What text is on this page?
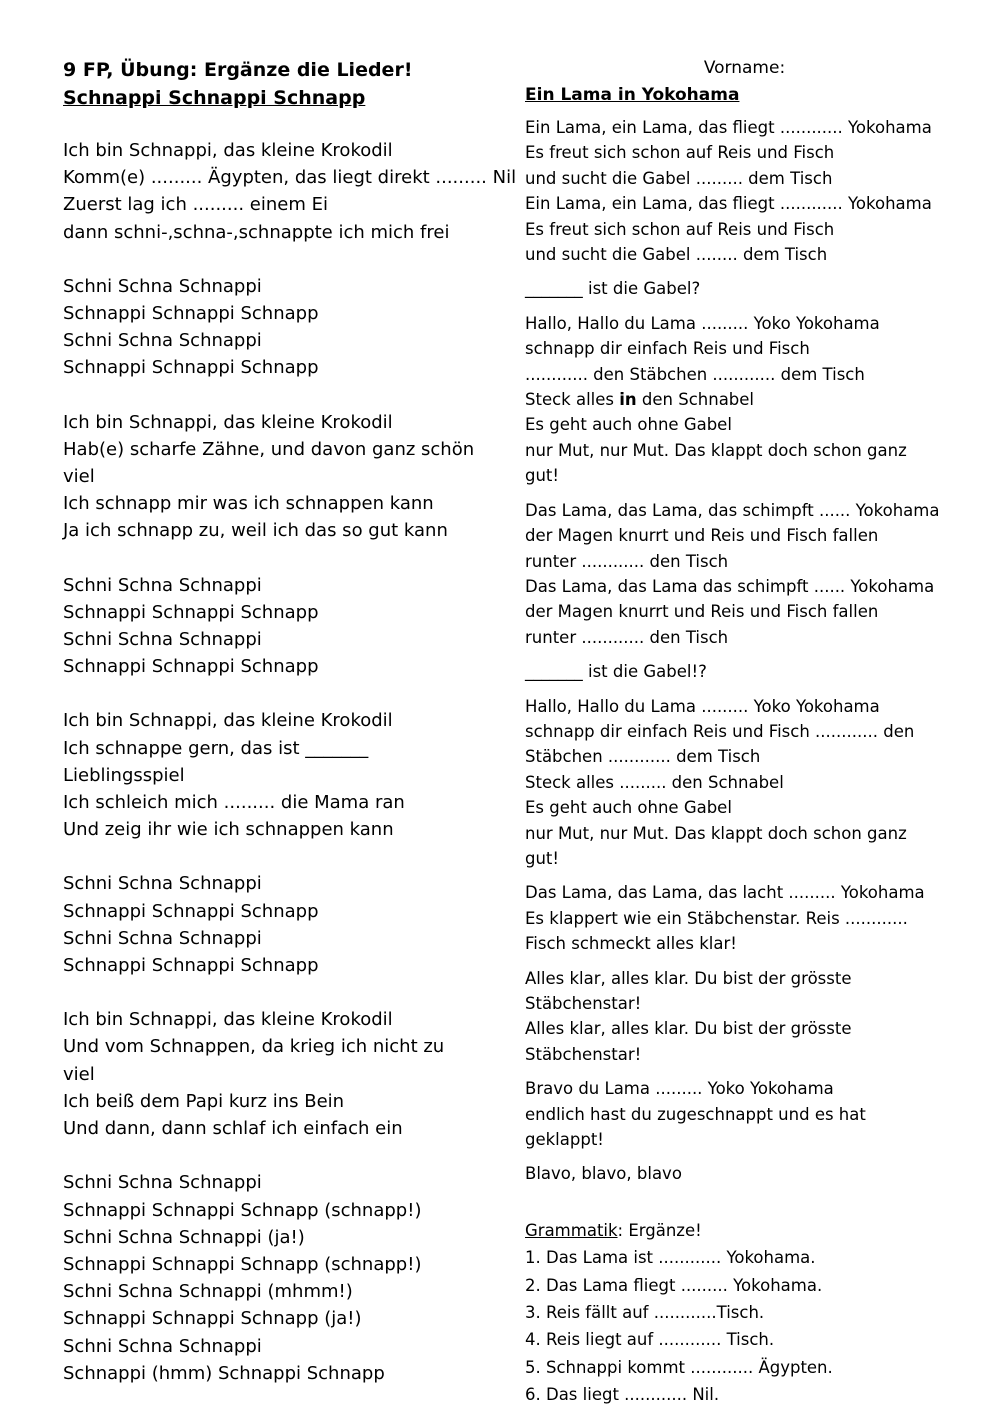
9 FP, Übung: Ergänze die Lieder!
Schnappi Schnappi Schnapp
Ich bin Schnappi, das kleine Krokodil
Komm(e) ......... Ägypten, das liegt direkt ......... Nil
Zuerst lag ich ......... einem Ei
dann schni-,schna-,schnappte ich mich frei
Schni Schna Schnappi
Schnappi Schnappi Schnapp
Schni Schna Schnappi
Schnappi Schnappi Schnapp
Ich bin Schnappi, das kleine Krokodil
Hab(e) scharfe Zähne, und davon ganz schön
viel
Ich schnapp mir was ich schnappen kann
Ja ich schnapp zu, weil ich das so gut kann
Schni Schna Schnappi
Schnappi Schnappi Schnapp
Schni Schna Schnappi
Schnappi Schnappi Schnapp
Ich bin Schnappi, das kleine Krokodil
Ich schnappe gern, das ist _______
Lieblingsspiel
Ich schleich mich ......... die Mama ran
Und zeig ihr wie ich schnappen kann
Schni Schna Schnappi
Schnappi Schnappi Schnapp
Schni Schna Schnappi
Schnappi Schnappi Schnapp
Ich bin Schnappi, das kleine Krokodil
Und vom Schnappen, da krieg ich nicht zu
viel
Ich beiß dem Papi kurz ins Bein
Und dann, dann schlaf ich einfach ein
Schni Schna Schnappi
Schnappi Schnappi Schnapp (schnapp!)
Schni Schna Schnappi (ja!)
Schnappi Schnappi Schnapp (schnapp!)
Schni Schna Schnappi (mhmm!)
Schnappi Schnappi Schnapp (ja!)
Schni Schna Schnappi
Schnappi (hmm) Schnappi Schnapp
Vorname:
Ein Lama in Yokohama
Ein Lama, ein Lama, das fliegt ............ Yokohama
Es freut sich schon auf Reis und Fisch
und sucht die Gabel ......... dem Tisch
Ein Lama, ein Lama, das fliegt ............ Yokohama
Es freut sich schon auf Reis und Fisch
und sucht die Gabel ........ dem Tisch
_______ ist die Gabel?
Hallo, Hallo du Lama ......... Yoko Yokohama
schnapp dir einfach Reis und Fisch
............ den Stäbchen ............ dem Tisch
Steck alles in den Schnabel
Es geht auch ohne Gabel
nur Mut, nur Mut. Das klappt doch schon ganz
gut!
Das Lama, das Lama, das schimpft ...... Yokohama
der Magen knurrt und Reis und Fisch fallen
runter ............ den Tisch
Das Lama, das Lama das schimpft ...... Yokohama
der Magen knurrt und Reis und Fisch fallen
runter ............ den Tisch
_______ ist die Gabel!?
Hallo, Hallo du Lama ......... Yoko Yokohama
schnapp dir einfach Reis und Fisch ............ den
Stäbchen ............ dem Tisch
Steck alles ......... den Schnabel
Es geht auch ohne Gabel
nur Mut, nur Mut. Das klappt doch schon ganz
gut!
Das Lama, das Lama, das lacht ......... Yokohama
Es klappert wie ein Stäbchenstar. Reis ............
Fisch schmeckt alles klar!
Alles klar, alles klar. Du bist der grösste
Stäbchenstar!
Alles klar, alles klar. Du bist der grösste
Stäbchenstar!
Bravo du Lama ......... Yoko Yokohama
endlich hast du zugeschnappt und es hat
geklappt!
Blavo, blavo, blavo
Grammatik: Ergänze!
1. Das Lama ist ............ Yokohama.
2. Das Lama fliegt ......... Yokohama.
3. Reis fällt auf ............Tisch.
4. Reis liegt auf ............ Tisch.
5. Schnappi kommt ............ Ägypten.
6. Das liegt ............ Nil.
